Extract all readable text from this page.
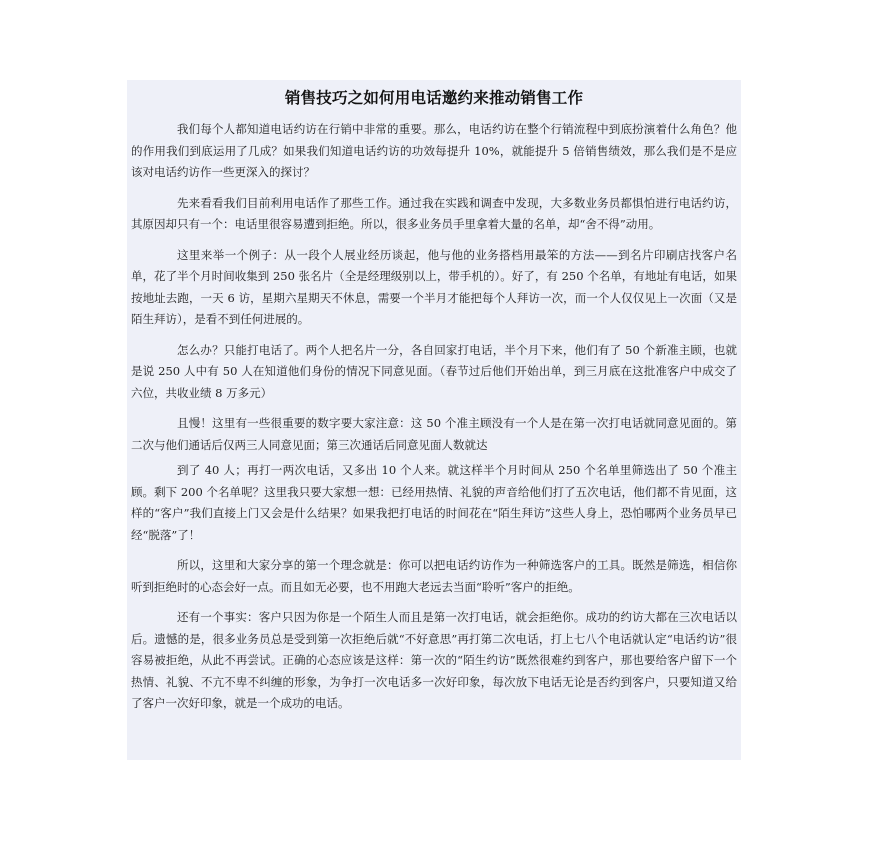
销售技巧之如何用电话邀约来推动销售工作

我们每个人都知道电话约访在行销中非常的重要。那么，电话约访在整个行销流程中到底扮演着什么角色？他的作用我们到底运用了几成？如果我们知道电话约访的功效每提升 10%，就能提升 5 倍销售绩效，那么我们是不是应该对电话约访作一些更深入的探讨？

先来看看我们目前利用电话作了那些工作。通过我在实践和调查中发现，大多数业务员都惧怕进行电话约访，其原因却只有一个：电话里很容易遭到拒绝。所以，很多业务员手里拿着大量的名单，却“舍不得”动用。

这里来举一个例子：从一段个人展业经历谈起，他与他的业务搭档用最笨的方法——到名片印刷店找客户名单，花了半个月时间收集到 250 张名片（全是经理级别以上，带手机的）。好了，有 250 个名单，有地址有电话，如果按地址去跑，一天 6 访，星期六星期天不休息，需要一个半月才能把每个人拜访一次，而一个人仅仅见上一次面（又是陌生拜访），是看不到任何进展的。

怎么办？只能打电话了。两个人把名片一分，各自回家打电话，半个月下来，他们有了 50 个新准主顾，也就是说 250 人中有 50 人在知道他们身份的情况下同意见面。（春节过后他们开始出单，到三月底在这批准客户中成交了六位，共收业绩 8 万多元）

且慢！这里有一些很重要的数字要大家注意：这 50 个准主顾没有一个人是在第一次打电话就同意见面的。第二次与他们通话后仅两三人同意见面；第三次通话后同意见面人数就达

到了 40 人；再打一两次电话，又多出 10 个人来。就这样半个月时间从 250 个名单里筛选出了 50 个准主顾。剩下 200 个名单呢？这里我只要大家想一想：已经用热情、礼貌的声音给他们打了五次电话，他们都不肯见面，这样的“客户”我们直接上门又会是什么结果？如果我把打电话的时间花在“陌生拜访”这些人身上，恐怕哪两个业务员早已经“脱落”了！

所以，这里和大家分享的第一个理念就是：你可以把电话约访作为一种筛选客户的工具。既然是筛选，相信你听到拒绝时的心态会好一点。而且如无必要，也不用跑大老远去当面“聆听”客户的拒绝。

还有一个事实：客户只因为你是一个陌生人而且是第一次打电话，就会拒绝你。成功的约访大都在三次电话以后。遗憾的是，很多业务员总是受到第一次拒绝后就“不好意思”再打第二次电话，打上七八个电话就认定“电话约访”很容易被拒绝，从此不再尝试。正确的心态应该是这样：第一次的“陌生约访”既然很难约到客户，那也要给客户留下一个热情、礼貌、不亢不卑不纠缠的形象，为争打一次电话多一次好印象，每次放下电话无论是否约到客户，只要知道又给了客户一次好印象，就是一个成功的电话。
